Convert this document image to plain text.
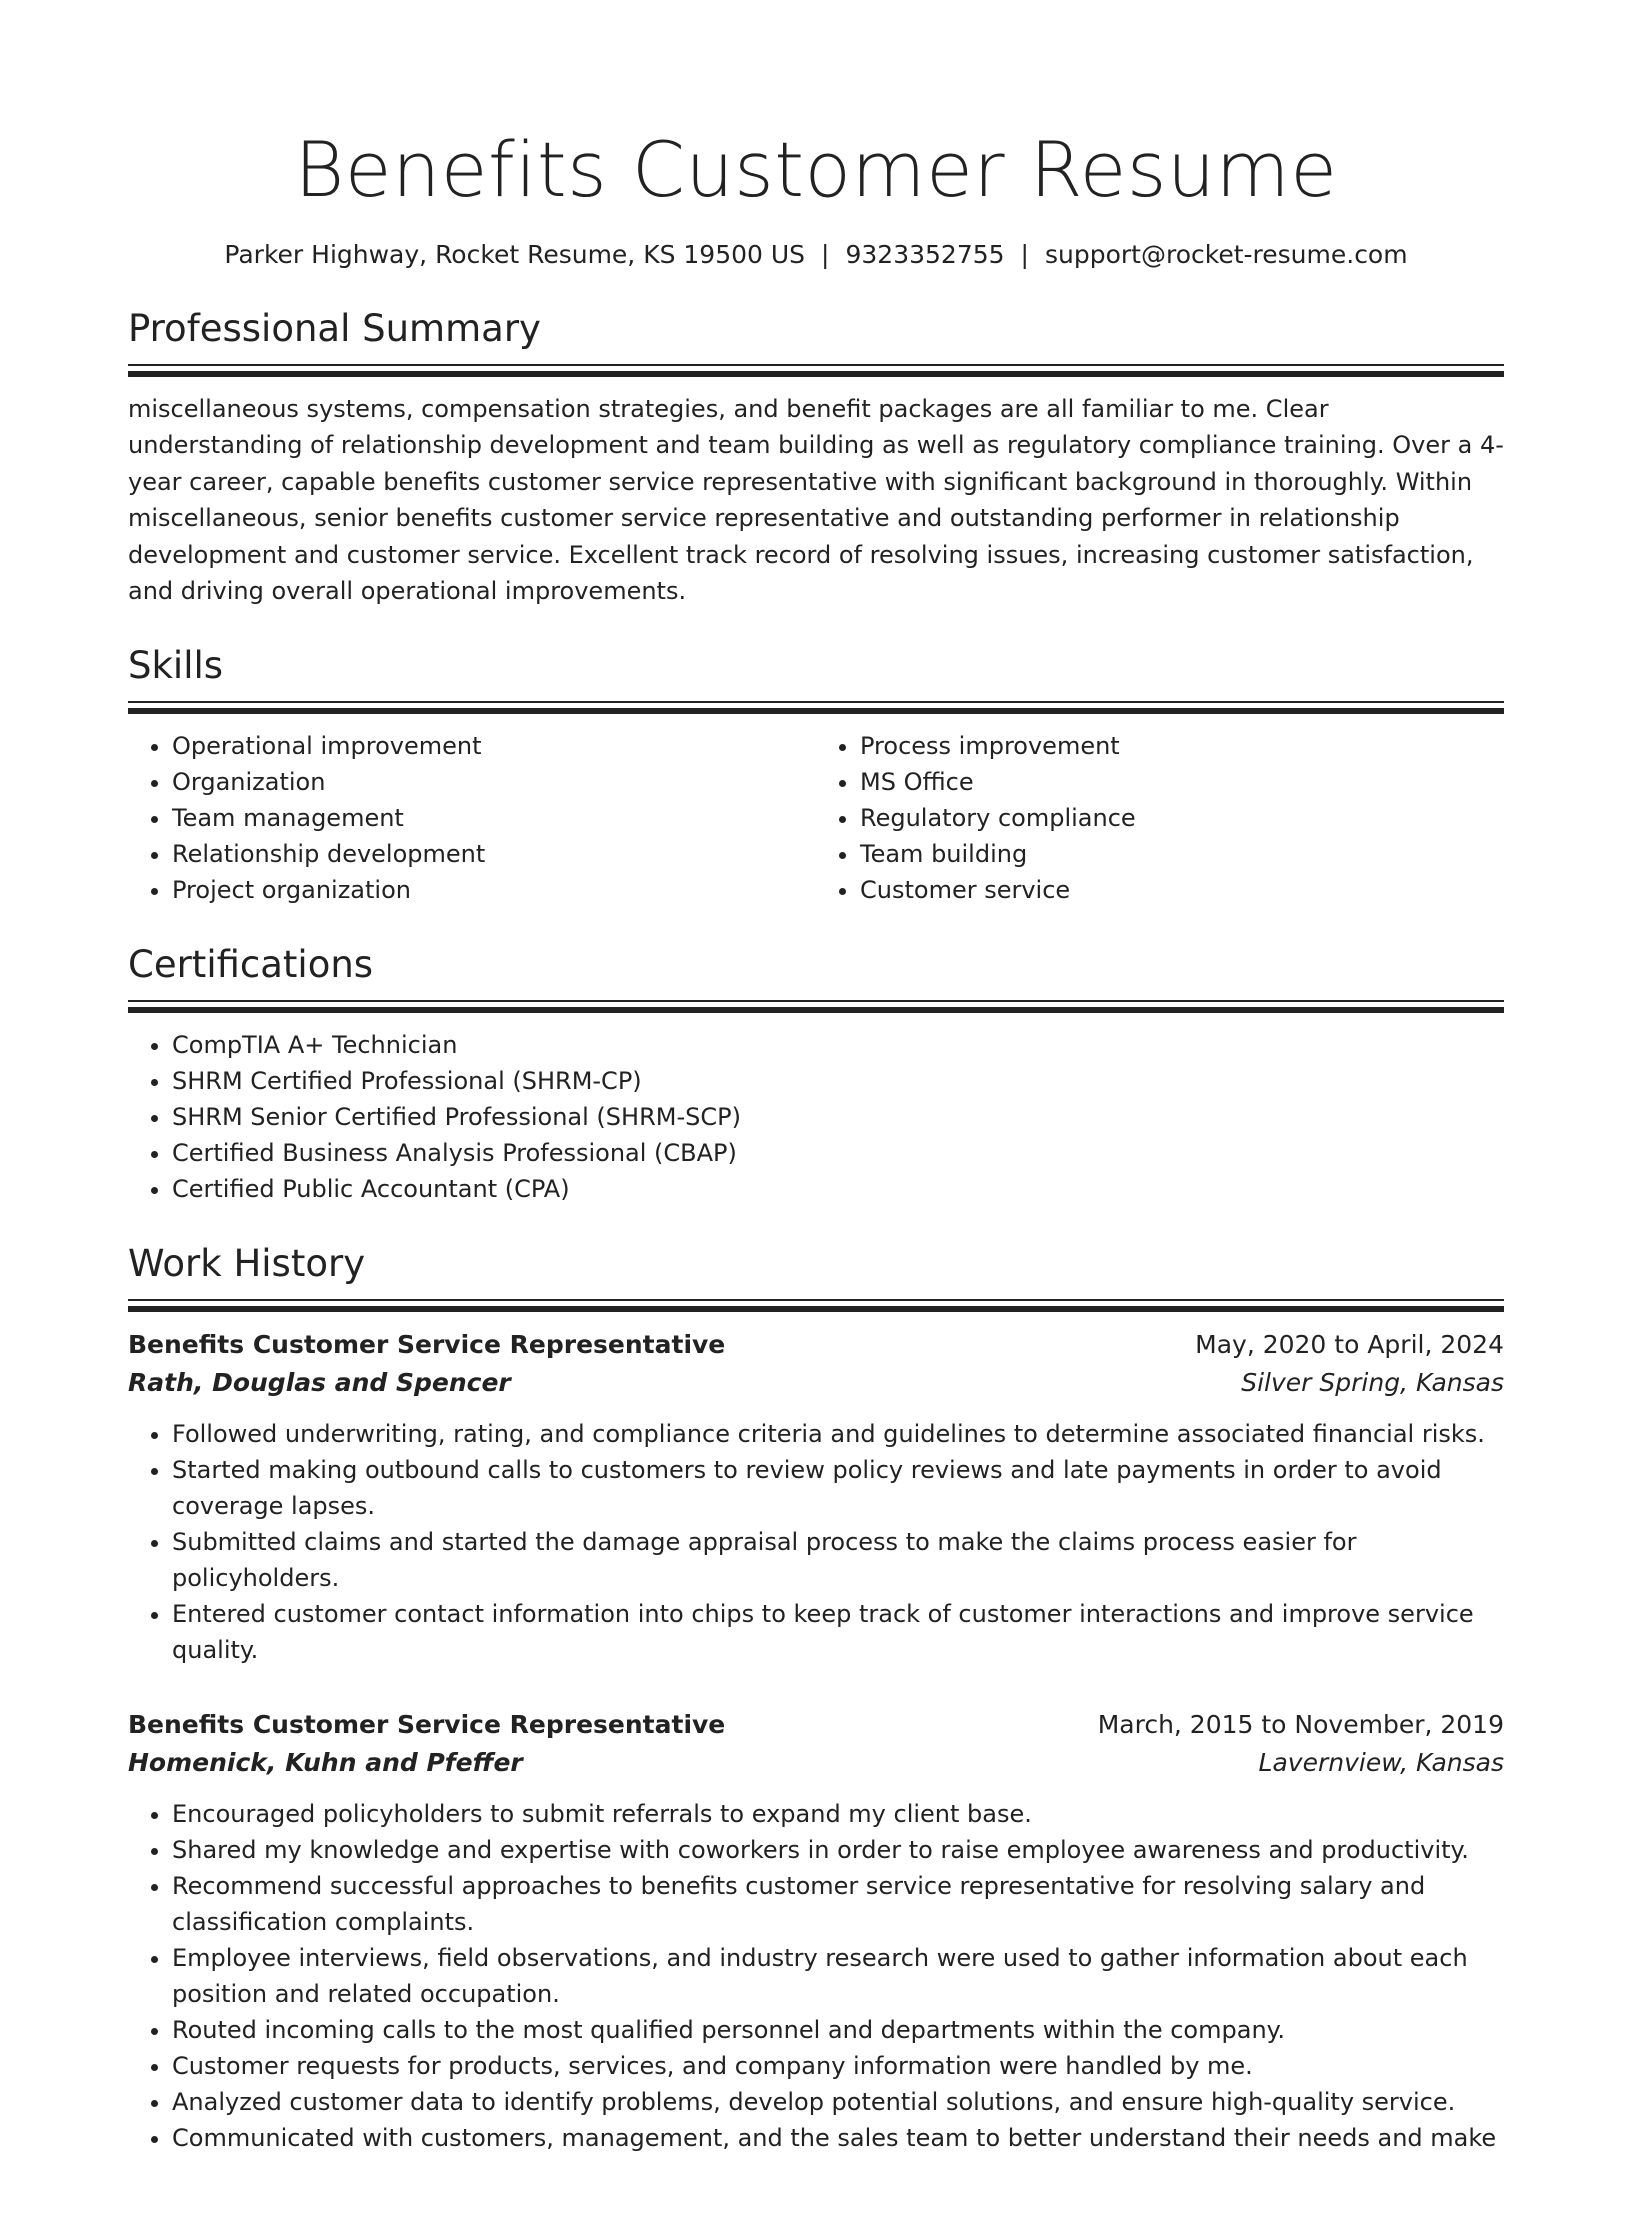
Benefits Customer Resume
Parker Highway, Rocket Resume, KS 19500 US | 9323352755 | support@rocket-resume.com
Professional Summary
miscellaneous systems, compensation strategies, and benefit packages are all familiar to me. Clear understanding of relationship development and team building as well as regulatory compliance training. Over a 4-year career, capable benefits customer service representative with significant background in thoroughly. Within miscellaneous, senior benefits customer service representative and outstanding performer in relationship development and customer service. Excellent track record of resolving issues, increasing customer satisfaction, and driving overall operational improvements.
Skills
• Operational improvement
• Organization
• Team management
• Relationship development
• Project organization
• Process improvement
• MS Office
• Regulatory compliance
• Team building
• Customer service
Certifications
• CompTIA A+ Technician
• SHRM Certified Professional (SHRM-CP)
• SHRM Senior Certified Professional (SHRM-SCP)
• Certified Business Analysis Professional (CBAP)
• Certified Public Accountant (CPA)
Work History
Benefits Customer Service Representative	May, 2020 to April, 2024
Rath, Douglas and Spencer	Silver Spring, Kansas
• Followed underwriting, rating, and compliance criteria and guidelines to determine associated financial risks.
• Started making outbound calls to customers to review policy reviews and late payments in order to avoid coverage lapses.
• Submitted claims and started the damage appraisal process to make the claims process easier for policyholders.
• Entered customer contact information into chips to keep track of customer interactions and improve service quality.
Benefits Customer Service Representative	March, 2015 to November, 2019
Homenick, Kuhn and Pfeffer	Lavernview, Kansas
• Encouraged policyholders to submit referrals to expand my client base.
• Shared my knowledge and expertise with coworkers in order to raise employee awareness and productivity.
• Recommend successful approaches to benefits customer service representative for resolving salary and classification complaints.
• Employee interviews, field observations, and industry research were used to gather information about each position and related occupation.
• Routed incoming calls to the most qualified personnel and departments within the company.
• Customer requests for products, services, and company information were handled by me.
• Analyzed customer data to identify problems, develop potential solutions, and ensure high-quality service.
• Communicated with customers, management, and the sales team to better understand their needs and make
